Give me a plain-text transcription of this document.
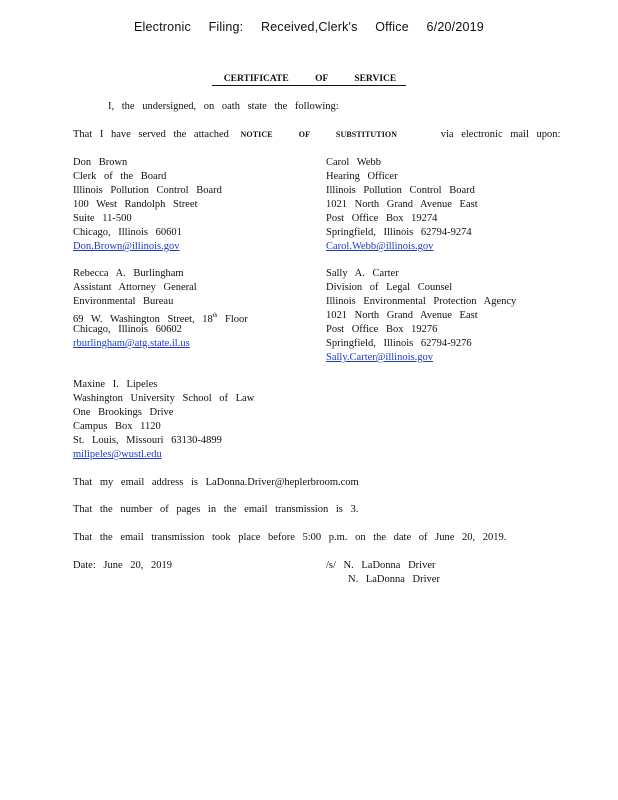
Electronic Filing: Received,Clerk's Office 6/20/2019
CERTIFICATE OF SERVICE
I, the undersigned, on oath state the following:
That I have served the attached NOTICE OF SUBSTITUTION	via electronic mail upon:
Don Brown
Clerk of the Board
Illinois Pollution Control Board
100 West Randolph Street
Suite 11-500
Chicago, Illinois 60601
Don.Brown@illinois.gov
Carol Webb
Hearing Officer
Illinois Pollution Control Board
1021 North Grand Avenue East
Post Office Box 19274
Springfield, Illinois 62794-9274
Carol.Webb@illinois.gov
Rebecca A. Burlingham
Assistant Attorney General
Environmental Bureau
69 W. Washington Street, 18th Floor
Chicago, Illinois 60602
rburlingham@atg.state.il.us
Sally A. Carter
Division of Legal Counsel
Illinois Environmental Protection Agency
1021 North Grand Avenue East
Post Office Box 19276
Springfield, Illinois 62794-9276
Sally.Carter@illinois.gov
Maxine I. Lipeles
Washington University School of Law
One Brookings Drive
Campus Box 1120
St. Louis, Missouri 63130-4899
milipeles@wustl.edu
That my email address is LaDonna.Driver@heplerbroom.com
That the number of pages in the email transmission is 3.
That the email transmission took place before 5:00 p.m. on the date of June 20, 2019.
Date: June 20, 2019	/s/ N. LaDonna Driver
N. LaDonna Driver
